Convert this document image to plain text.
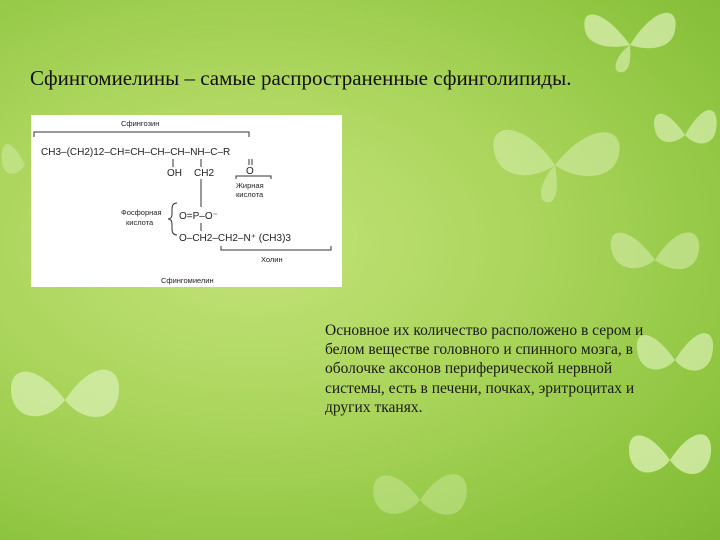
Сфингомиелины – самые распространенные сфинголипиды.
Сфингозин
CH3–(CH2)12–CH=CH–CH–CH–NH–C–R
OH CH2	O
Жирная
кислота
Фосфорная
кислота
O=P–O⁻
O–CH2–CH2–N⁺ (CH3)3
Холин
Сфингомиелин
Основное их количество расположено в сером и белом веществе головного и спинного мозга, в оболочке аксонов периферической нервной системы, есть в печени, почках, эритроцитах и других тканях.
